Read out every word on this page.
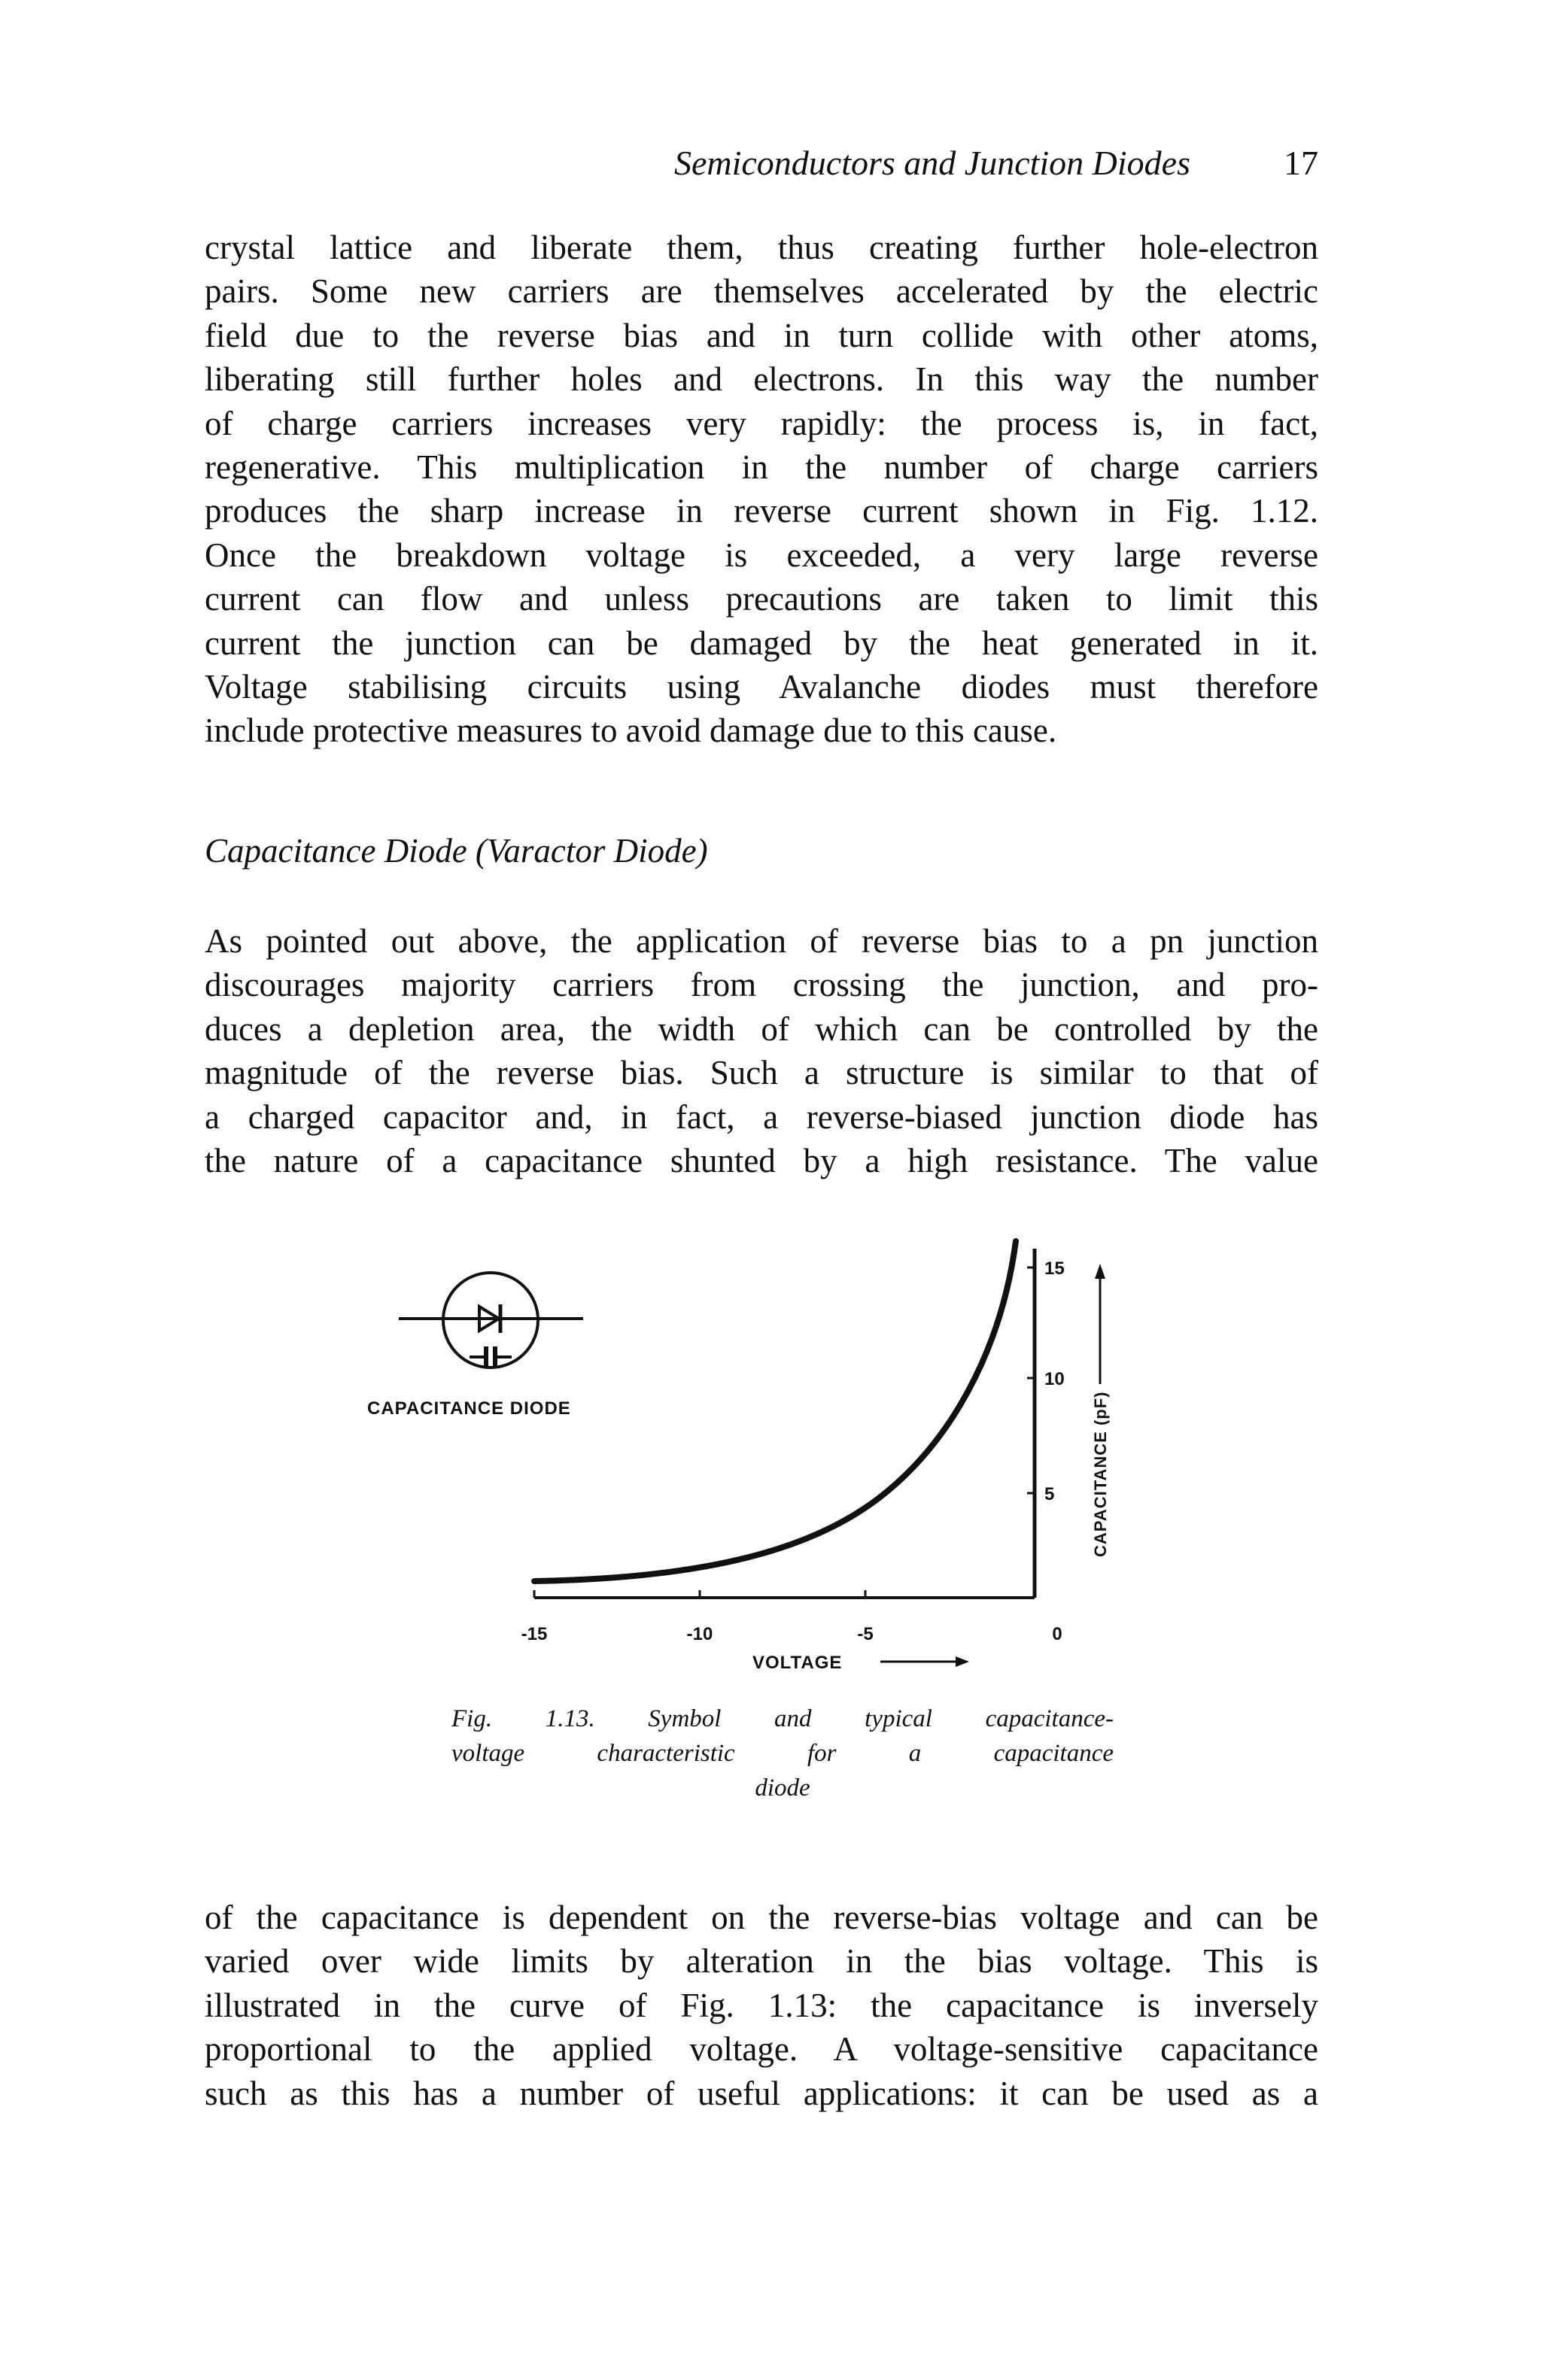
Semiconductors and Junction Diodes	17
crystal lattice and liberate them, thus creating further hole-electron
pairs. Some new carriers are themselves accelerated by the electric
field due to the reverse bias and in turn collide with other atoms,
liberating still further holes and electrons. In this way the number
of charge carriers increases very rapidly: the process is, in fact,
regenerative. This multiplication in the number of charge carriers
produces the sharp increase in reverse current shown in Fig. 1.12.
Once the breakdown voltage is exceeded, a very large reverse
current can flow and unless precautions are taken to limit this
current the junction can be damaged by the heat generated in it.
Voltage stabilising circuits using Avalanche diodes must therefore
include protective measures to avoid damage due to this cause.
Capacitance Diode (Varactor Diode)
As pointed out above, the application of reverse bias to a pn junction
discourages majority carriers from crossing the junction, and pro-
duces a depletion area, the width of which can be controlled by the
magnitude of the reverse bias. Such a structure is similar to that of
a charged capacitor and, in fact, a reverse-biased junction diode has
the nature of a capacitance shunted by a high resistance. The value
CAPACITANCE DIODE
-15	-10	-5	0
5
10
15
VOLTAGE
CAPACITANCE (pF)
Fig. 1.13. Symbol and typical capacitance-
voltage characteristic for a capacitance
diode
of the capacitance is dependent on the reverse-bias voltage and can be
varied over wide limits by alteration in the bias voltage. This is
illustrated in the curve of Fig. 1.13: the capacitance is inversely
proportional to the applied voltage. A voltage-sensitive capacitance
such as this has a number of useful applications: it can be used as a
